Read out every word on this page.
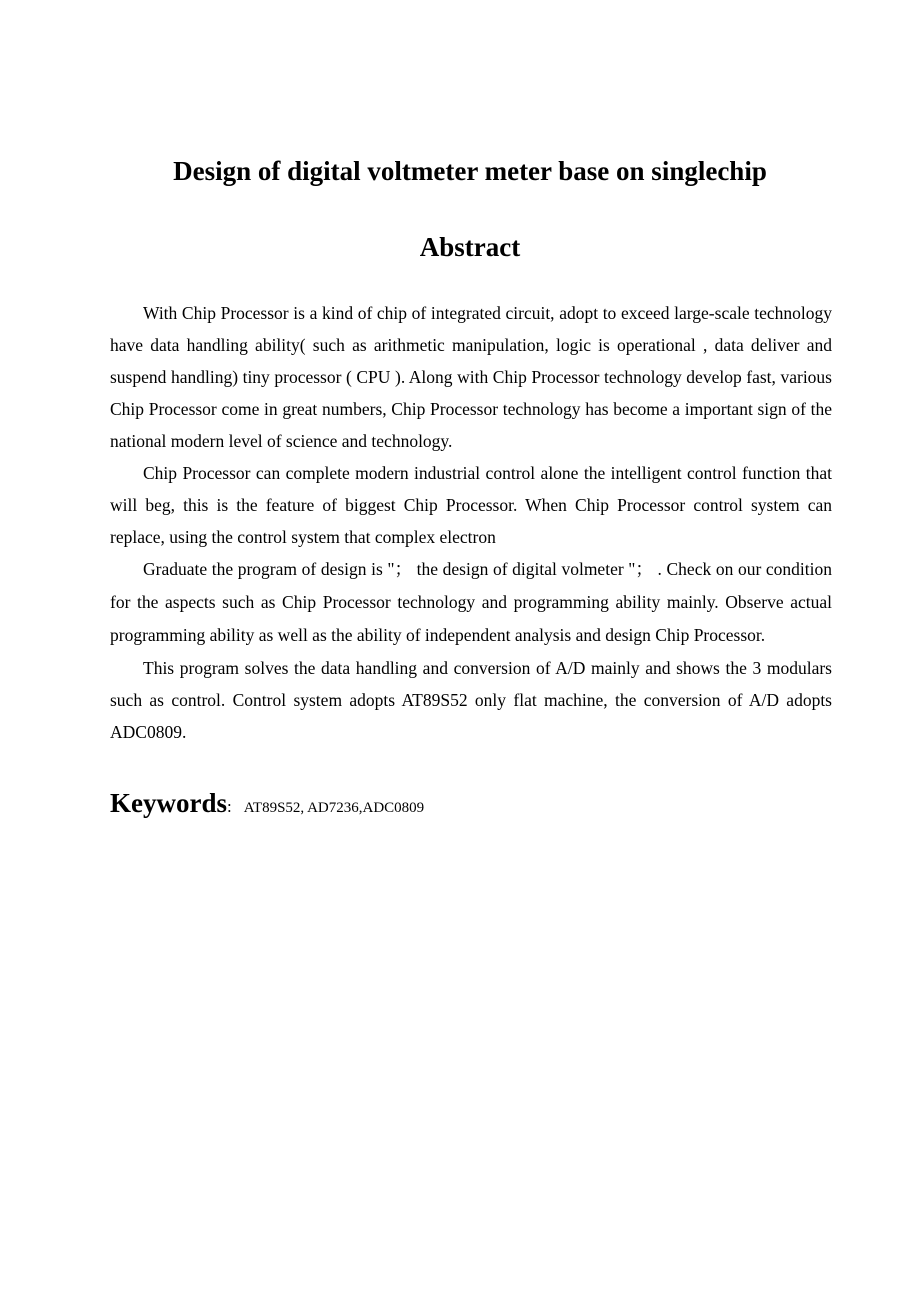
Design of digital voltmeter meter base on singlechip
Abstract

With Chip Processor is a kind of chip of integrated circuit, adopt to exceed large-scale technology have data handling ability( such as arithmetic manipulation, logic is operational , data deliver and suspend handling) tiny processor ( CPU ). Along with Chip Processor technology develop fast, various Chip Processor come in great numbers, Chip Processor technology has become a important sign of the national modern level of science and technology.

Chip Processor can complete modern industrial control alone the intelligent control function that will beg, this is the feature of biggest Chip Processor. When Chip Processor control system can replace, using the control system that complex electron

Graduate the program of design is "； the design of digital volmeter "； . Check on our condition for the aspects such as Chip Processor technology and programming ability mainly. Observe actual programming ability as well as the ability of independent analysis and design Chip Processor.

This program solves the data handling and conversion of A/D mainly and shows the 3 modulars such as control. Control system adopts AT89S52 only flat machine, the conversion of A/D adopts ADC0809.

Keywords: AT89S52, AD7236,ADC0809
